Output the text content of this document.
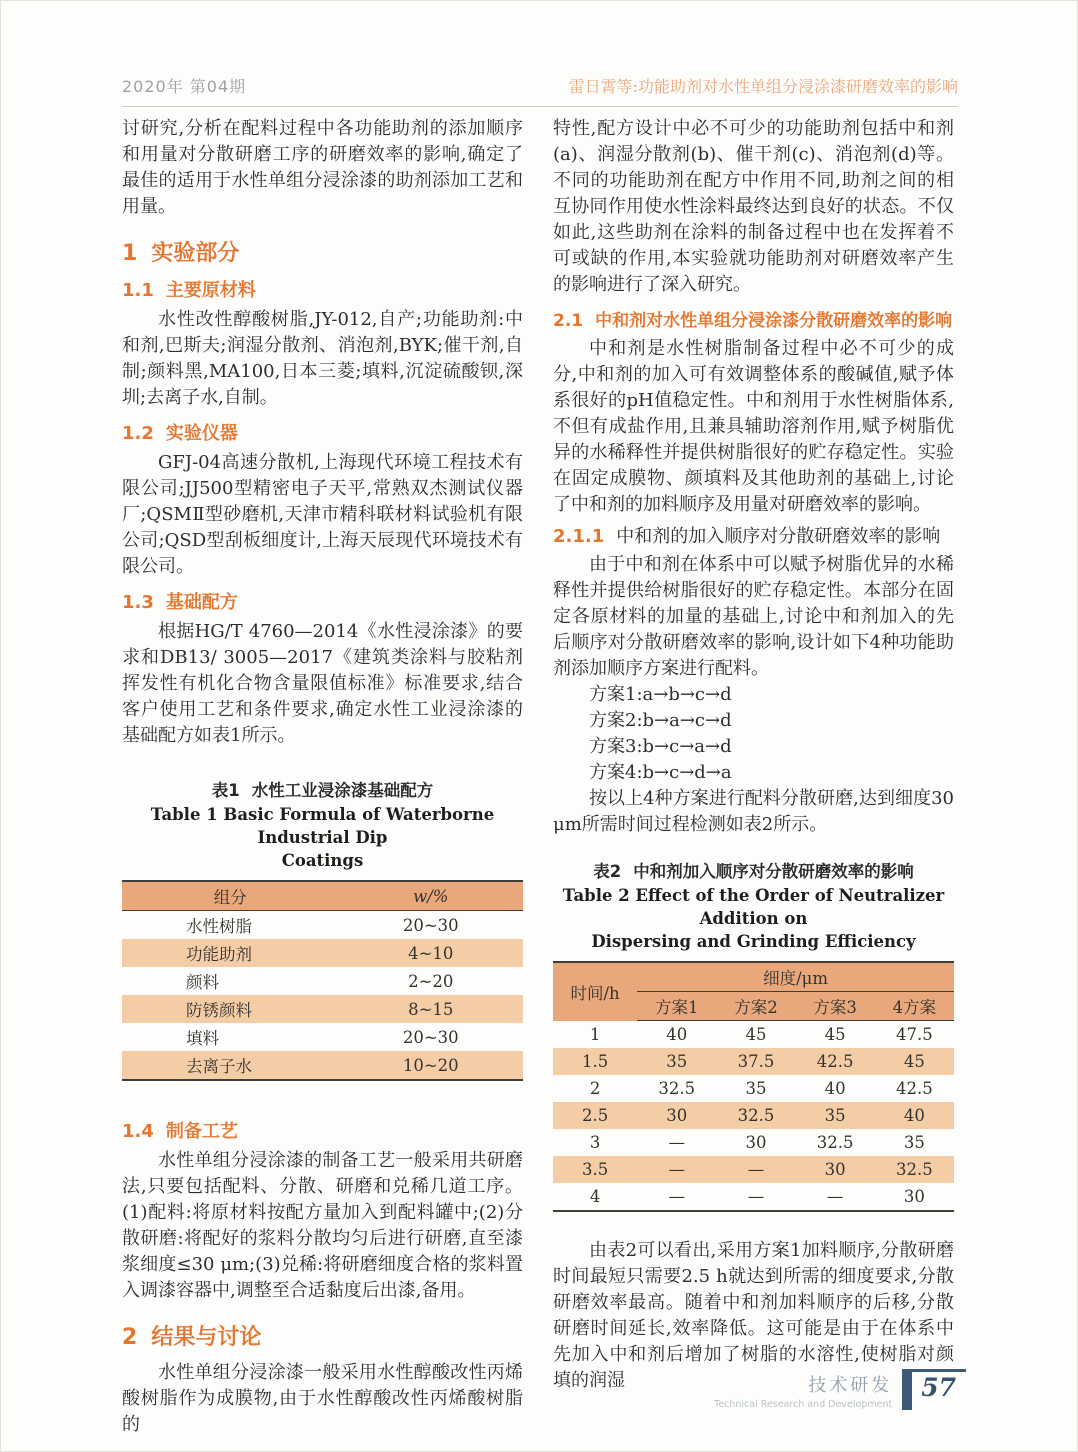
2020年 第04期	雷日霄等:功能助剂对水性单组分浸涂漆研磨效率的影响

讨研究,分析在配料过程中各功能助剂的添加顺序和用量对分散研磨工序的研磨效率的影响,确定了最佳的适用于水性单组分浸涂漆的助剂添加工艺和用量。

1 实验部分
1.1 主要原材料

水性改性醇酸树脂,JY-012,自产;功能助剂:中和剂,巴斯夫;润湿分散剂、消泡剂,BYK;催干剂,自制;颜料黑,MA100,日本三菱;填料,沉淀硫酸钡,深圳;去离子水,自制。

1.2 实验仪器

GFJ-04高速分散机,上海现代环境工程技术有限公司;JJ500型精密电子天平,常熟双杰测试仪器厂;QSMⅡ型砂磨机,天津市精科联材料试验机有限公司;QSD型刮板细度计,上海天辰现代环境技术有限公司。

1.3 基础配方

根据HG/T 4760—2014《水性浸涂漆》的要求和DB13/ 3005—2017《建筑类涂料与胶粘剂挥发性有机化合物含量限值标准》标准要求,结合客户使用工艺和条件要求,确定水性工业浸涂漆的基础配方如表1所示。

表1 水性工业浸涂漆基础配方
Table 1 Basic Formula of Waterborne Industrial Dip
Coatings
组分	w/%
水性树脂	20~30
功能助剂	4~10
颜料	2~20
防锈颜料	8~15
填料	20~30
去离子水	10~20
1.4 制备工艺

水性单组分浸涂漆的制备工艺一般采用共研磨法,只要包括配料、分散、研磨和兑稀几道工序。(1)配料:将原材料按配方量加入到配料罐中;(2)分散研磨:将配好的浆料分散均匀后进行研磨,直至漆浆细度≤30 μm;(3)兑稀:将研磨细度合格的浆料置入调漆容器中,调整至合适黏度后出漆,备用。

2 结果与讨论

水性单组分浸涂漆一般采用水性醇酸改性丙烯酸树脂作为成膜物,由于水性醇酸改性丙烯酸树脂的

特性,配方设计中必不可少的功能助剂包括中和剂(a)、润湿分散剂(b)、催干剂(c)、消泡剂(d)等。不同的功能助剂在配方中作用不同,助剂之间的相互协同作用使水性涂料最终达到良好的状态。不仅如此,这些助剂在涂料的制备过程中也在发挥着不可或缺的作用,本实验就功能助剂对研磨效率产生的影响进行了深入研究。

2.1 中和剂对水性单组分浸涂漆分散研磨效率的影响

中和剂是水性树脂制备过程中必不可少的成分,中和剂的加入可有效调整体系的酸碱值,赋予体系很好的pH值稳定性。中和剂用于水性树脂体系,不但有成盐作用,且兼具辅助溶剂作用,赋予树脂优异的水稀释性并提供树脂很好的贮存稳定性。实验在固定成膜物、颜填料及其他助剂的基础上,讨论了中和剂的加料顺序及用量对研磨效率的影响。

2.1.1 中和剂的加入顺序对分散研磨效率的影响

由于中和剂在体系中可以赋予树脂优异的水稀释性并提供给树脂很好的贮存稳定性。本部分在固定各原材料的加量的基础上,讨论中和剂加入的先后顺序对分散研磨效率的影响,设计如下4种功能助剂添加顺序方案进行配料。

方案1:a→b→c→d
方案2:b→a→c→d
方案3:b→c→a→d
方案4:b→c→d→a

按以上4种方案进行配料分散研磨,达到细度30 μm所需时间过程检测如表2所示。

表2 中和剂加入顺序对分散研磨效率的影响
Table 2 Effect of the Order of Neutralizer Addition on
Dispersing and Grinding Efficiency
时间/h	细度/μm			
	方案1	方案2	方案3	4方案
1	40	45	45	47.5
1.5	35	37.5	42.5	45
2	32.5	35	40	42.5
2.5	30	32.5	35	40
3	—	30	32.5	35
3.5	—	—	30	32.5
4	—	—	—	30

由表2可以看出,采用方案1加料顺序,分散研磨时间最短只需要2.5 h就达到所需的细度要求,分散研磨效率最高。随着中和剂加料顺序的后移,分散研磨时间延长,效率降低。这可能是由于在体系中先加入中和剂后增加了树脂的水溶性,使树脂对颜填的润湿	技术研发
Technical Research and Development
57
